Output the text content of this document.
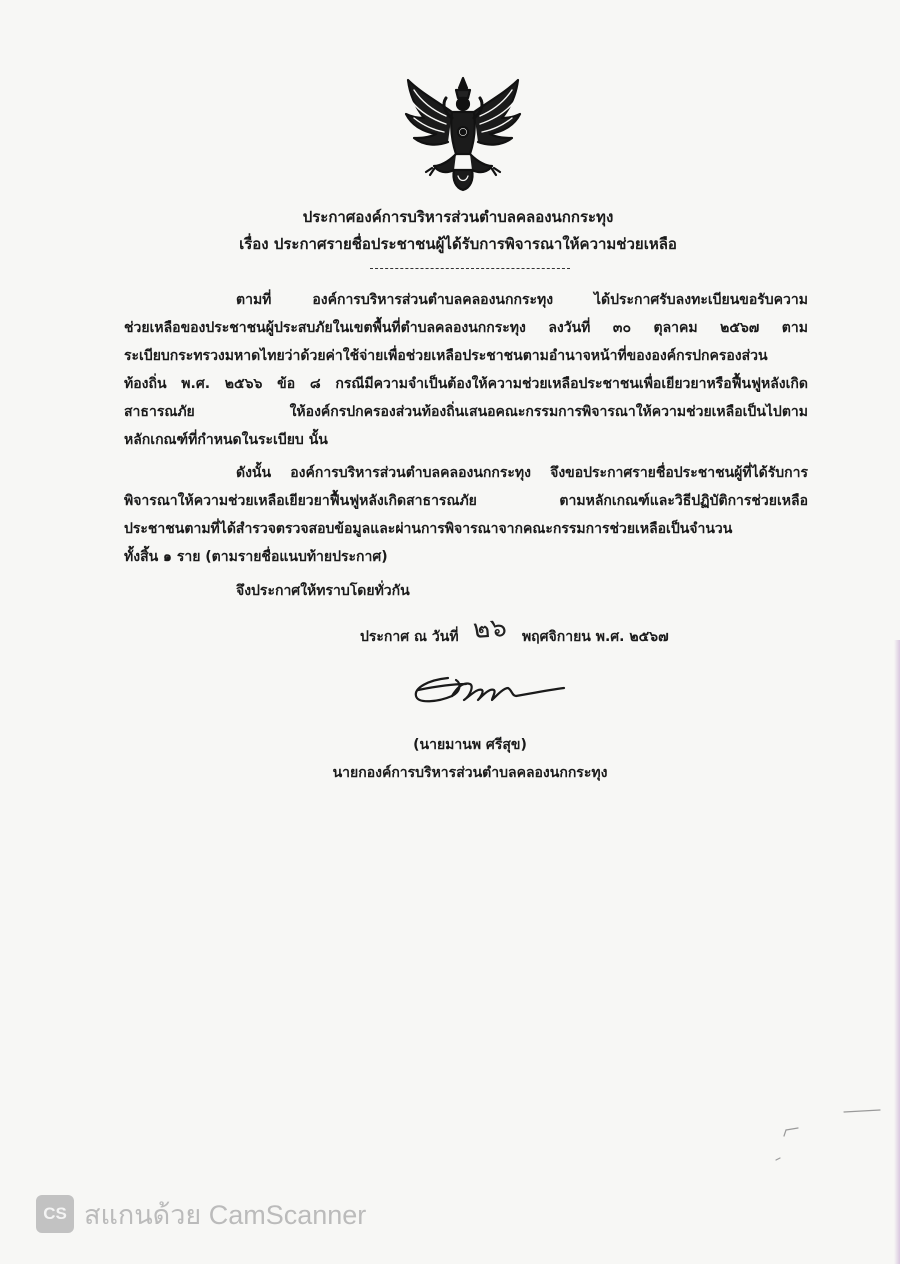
ประกาศองค์การบริหารส่วนตำบลคลองนกกระทุง
เรื่อง ประกาศรายชื่อประชาชนผู้ได้รับการพิจารณาให้ความช่วยเหลือ
ตามที่ องค์การบริหารส่วนตำบลคลองนกกระทุง ได้ประกาศรับลงทะเบียนขอรับความ
ช่วยเหลือของประชาชนผู้ประสบภัยในเขตพื้นที่ตำบลคลองนกกระทุง ลงวันที่ ๓๐ ตุลาคม ๒๕๖๗ ตาม
ระเบียบกระทรวงมหาดไทยว่าด้วยค่าใช้จ่ายเพื่อช่วยเหลือประชาชนตามอำนาจหน้าที่ขององค์กรปกครองส่วน
ท้องถิ่น พ.ศ. ๒๕๖๖ ข้อ ๘ กรณีมีความจำเป็นต้องให้ความช่วยเหลือประชาชนเพื่อเยียวยาหรือฟื้นฟูหลังเกิด
สาธารณภัย ให้องค์กรปกครองส่วนท้องถิ่นเสนอคณะกรรมการพิจารณาให้ความช่วยเหลือเป็นไปตาม
หลักเกณฑ์ที่กำหนดในระเบียบ นั้น
ดังนั้น องค์การบริหารส่วนตำบลคลองนกกระทุง จึงขอประกาศรายชื่อประชาชนผู้ที่ได้รับการ
พิจารณาให้ความช่วยเหลือเยียวยาฟื้นฟูหลังเกิดสาธารณภัย ตามหลักเกณฑ์และวิธีปฏิบัติการช่วยเหลือ
ประชาชนตามที่ได้สำรวจตรวจสอบข้อมูลและผ่านการพิจารณาจากคณะกรรมการช่วยเหลือเป็นจำนวน
ทั้งสิ้น ๑ ราย (ตามรายชื่อแนบท้ายประกาศ)
จึงประกาศให้ทราบโดยทั่วกัน
ประกาศ ณ วันที่ ๒๖ พฤศจิกายน พ.ศ. ๒๕๖๗
(นายมานพ ศรีสุข)
นายกองค์การบริหารส่วนตำบลคลองนกกระทุง
CS สแกนด้วย CamScanner
